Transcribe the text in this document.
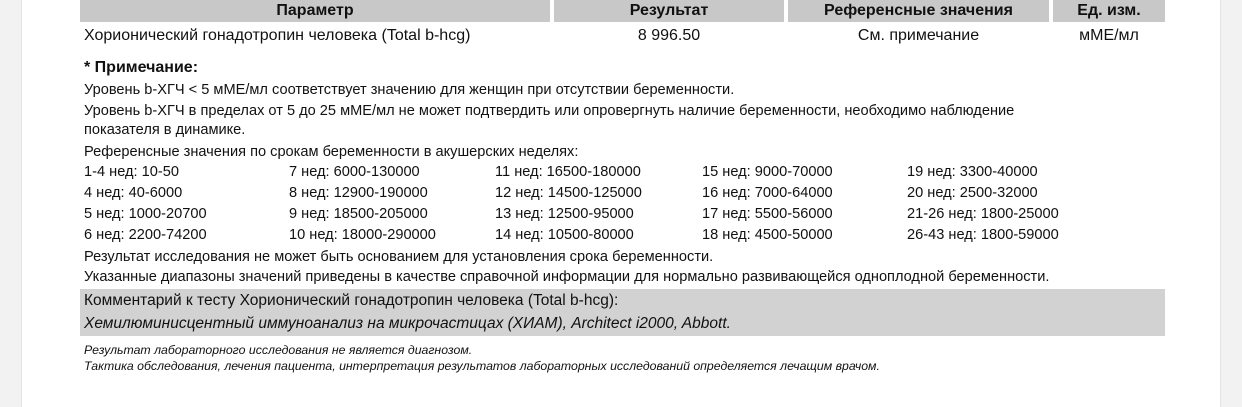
Параметр	Результат	Референсные значения	Ед. изм.
Хорионический гонадотропин человека (Total b-hcg)	8 996.50	См. примечание	мМЕ/мл
* Примечание:
Уровень b-ХГЧ < 5 мМЕ/мл соответствует значению для женщин при отсутствии беременности.
Уровень b-ХГЧ в пределах от 5 до 25 мМЕ/мл не может подтвердить или опровергнуть наличие беременности, необходимо наблюдение
показателя в динамике.
Референсные значения по срокам беременности в акушерских неделях:
1-4 нед: 10-50	7 нед: 6000-130000	11 нед: 16500-180000	15 нед: 9000-70000	19 нед: 3300-40000
4 нед: 40-6000	8 нед: 12900-190000	12 нед: 14500-125000	16 нед: 7000-64000	20 нед: 2500-32000
5 нед: 1000-20700	9 нед: 18500-205000	13 нед: 12500-95000	17 нед: 5500-56000	21-26 нед: 1800-25000
6 нед: 2200-74200	10 нед: 18000-290000	14 нед: 10500-80000	18 нед: 4500-50000	26-43 нед: 1800-59000
Результат исследования не может быть основанием для установления срока беременности.
Указанные диапазоны значений приведены в качестве справочной информации для нормально развивающейся одноплодной беременности.
Комментарий к тесту Хорионический гонадотропин человека (Total b-hcg):
Хемилюминисцентный иммуноанализ на микрочастицах (ХИАМ), Architect i2000, Abbott.
Результат лабораторного исследования не является диагнозом.
Тактика обследования, лечения пациента, интерпретация результатов лабораторных исследований определяется лечащим врачом.
